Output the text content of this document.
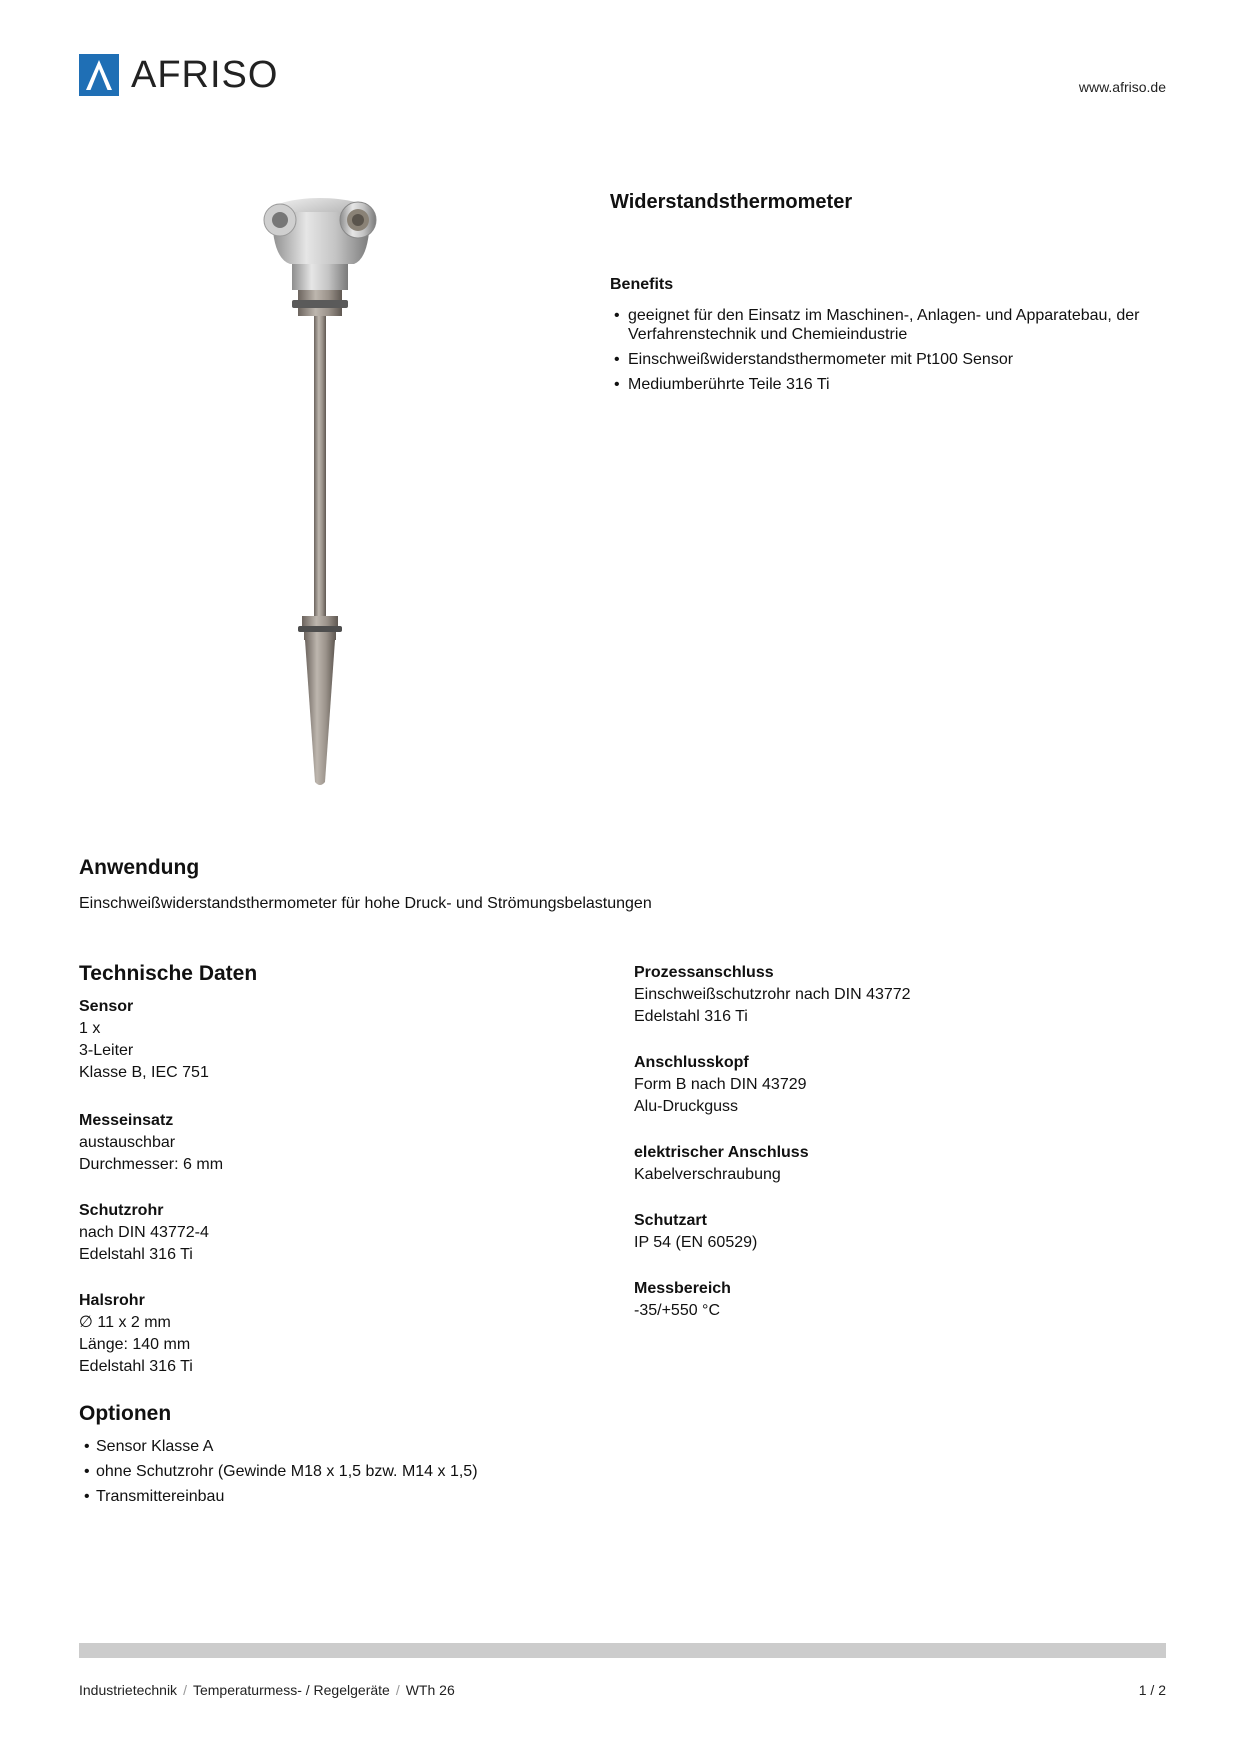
AFRISO	www.afriso.de
Widerstandsthermometer
Benefits
• geeignet für den Einsatz im Maschinen-, Anlagen- und Apparatebau, der Verfahrenstechnik und Chemieindustrie
• Einschweißwiderstandsthermometer mit Pt100 Sensor
• Mediumberührte Teile 316 Ti
Anwendung
Einschweißwiderstandsthermometer für hohe Druck- und Strömungsbelastungen
Technische Daten
Sensor
1 x
3-Leiter
Klasse B, IEC 751
Messeinsatz
austauschbar
Durchmesser: 6 mm
Schutzrohr
nach DIN 43772-4
Edelstahl 316 Ti
Halsrohr
∅ 11 x 2 mm
Länge: 140 mm
Edelstahl 316 Ti
Prozessanschluss
Einschweißschutzrohr nach DIN 43772
Edelstahl 316 Ti
Anschlusskopf
Form B nach DIN 43729
Alu-Druckguss
elektrischer Anschluss
Kabelverschraubung
Schutzart
IP 54 (EN 60529)
Messbereich
-35/+550 °C
Optionen
• Sensor Klasse A
• ohne Schutzrohr (Gewinde M18 x 1,5 bzw. M14 x 1,5)
• Transmittereinbau
Industrietechnik / Temperaturmess- / Regelgeräte / WTh 26	1 / 2
